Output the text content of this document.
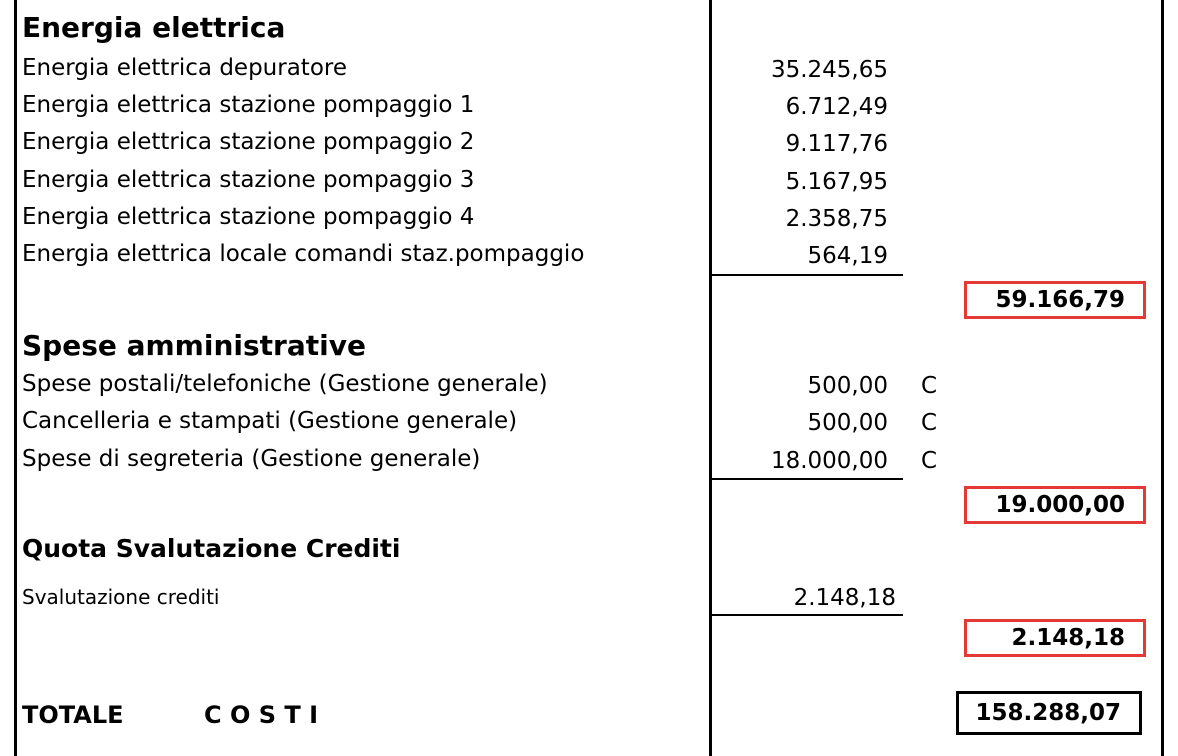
Energia elettrica
Energia elettrica depuratore	35.245,65
Energia elettrica stazione pompaggio 1	6.712,49
Energia elettrica stazione pompaggio 2	9.117,76
Energia elettrica stazione pompaggio 3	5.167,95
Energia elettrica stazione pompaggio 4	2.358,75
Energia elettrica locale comandi staz.pompaggio	564,19
59.166,79
Spese amministrative
Spese postali/telefoniche (Gestione generale)	500,00 C
Cancelleria e stampati (Gestione generale)	500,00 C
Spese di segreteria (Gestione generale)	18.000,00 C
19.000,00
Quota Svalutazione Crediti
Svalutazione crediti	2.148,18
2.148,18
TOTALE	C O S T I	158.288,07
